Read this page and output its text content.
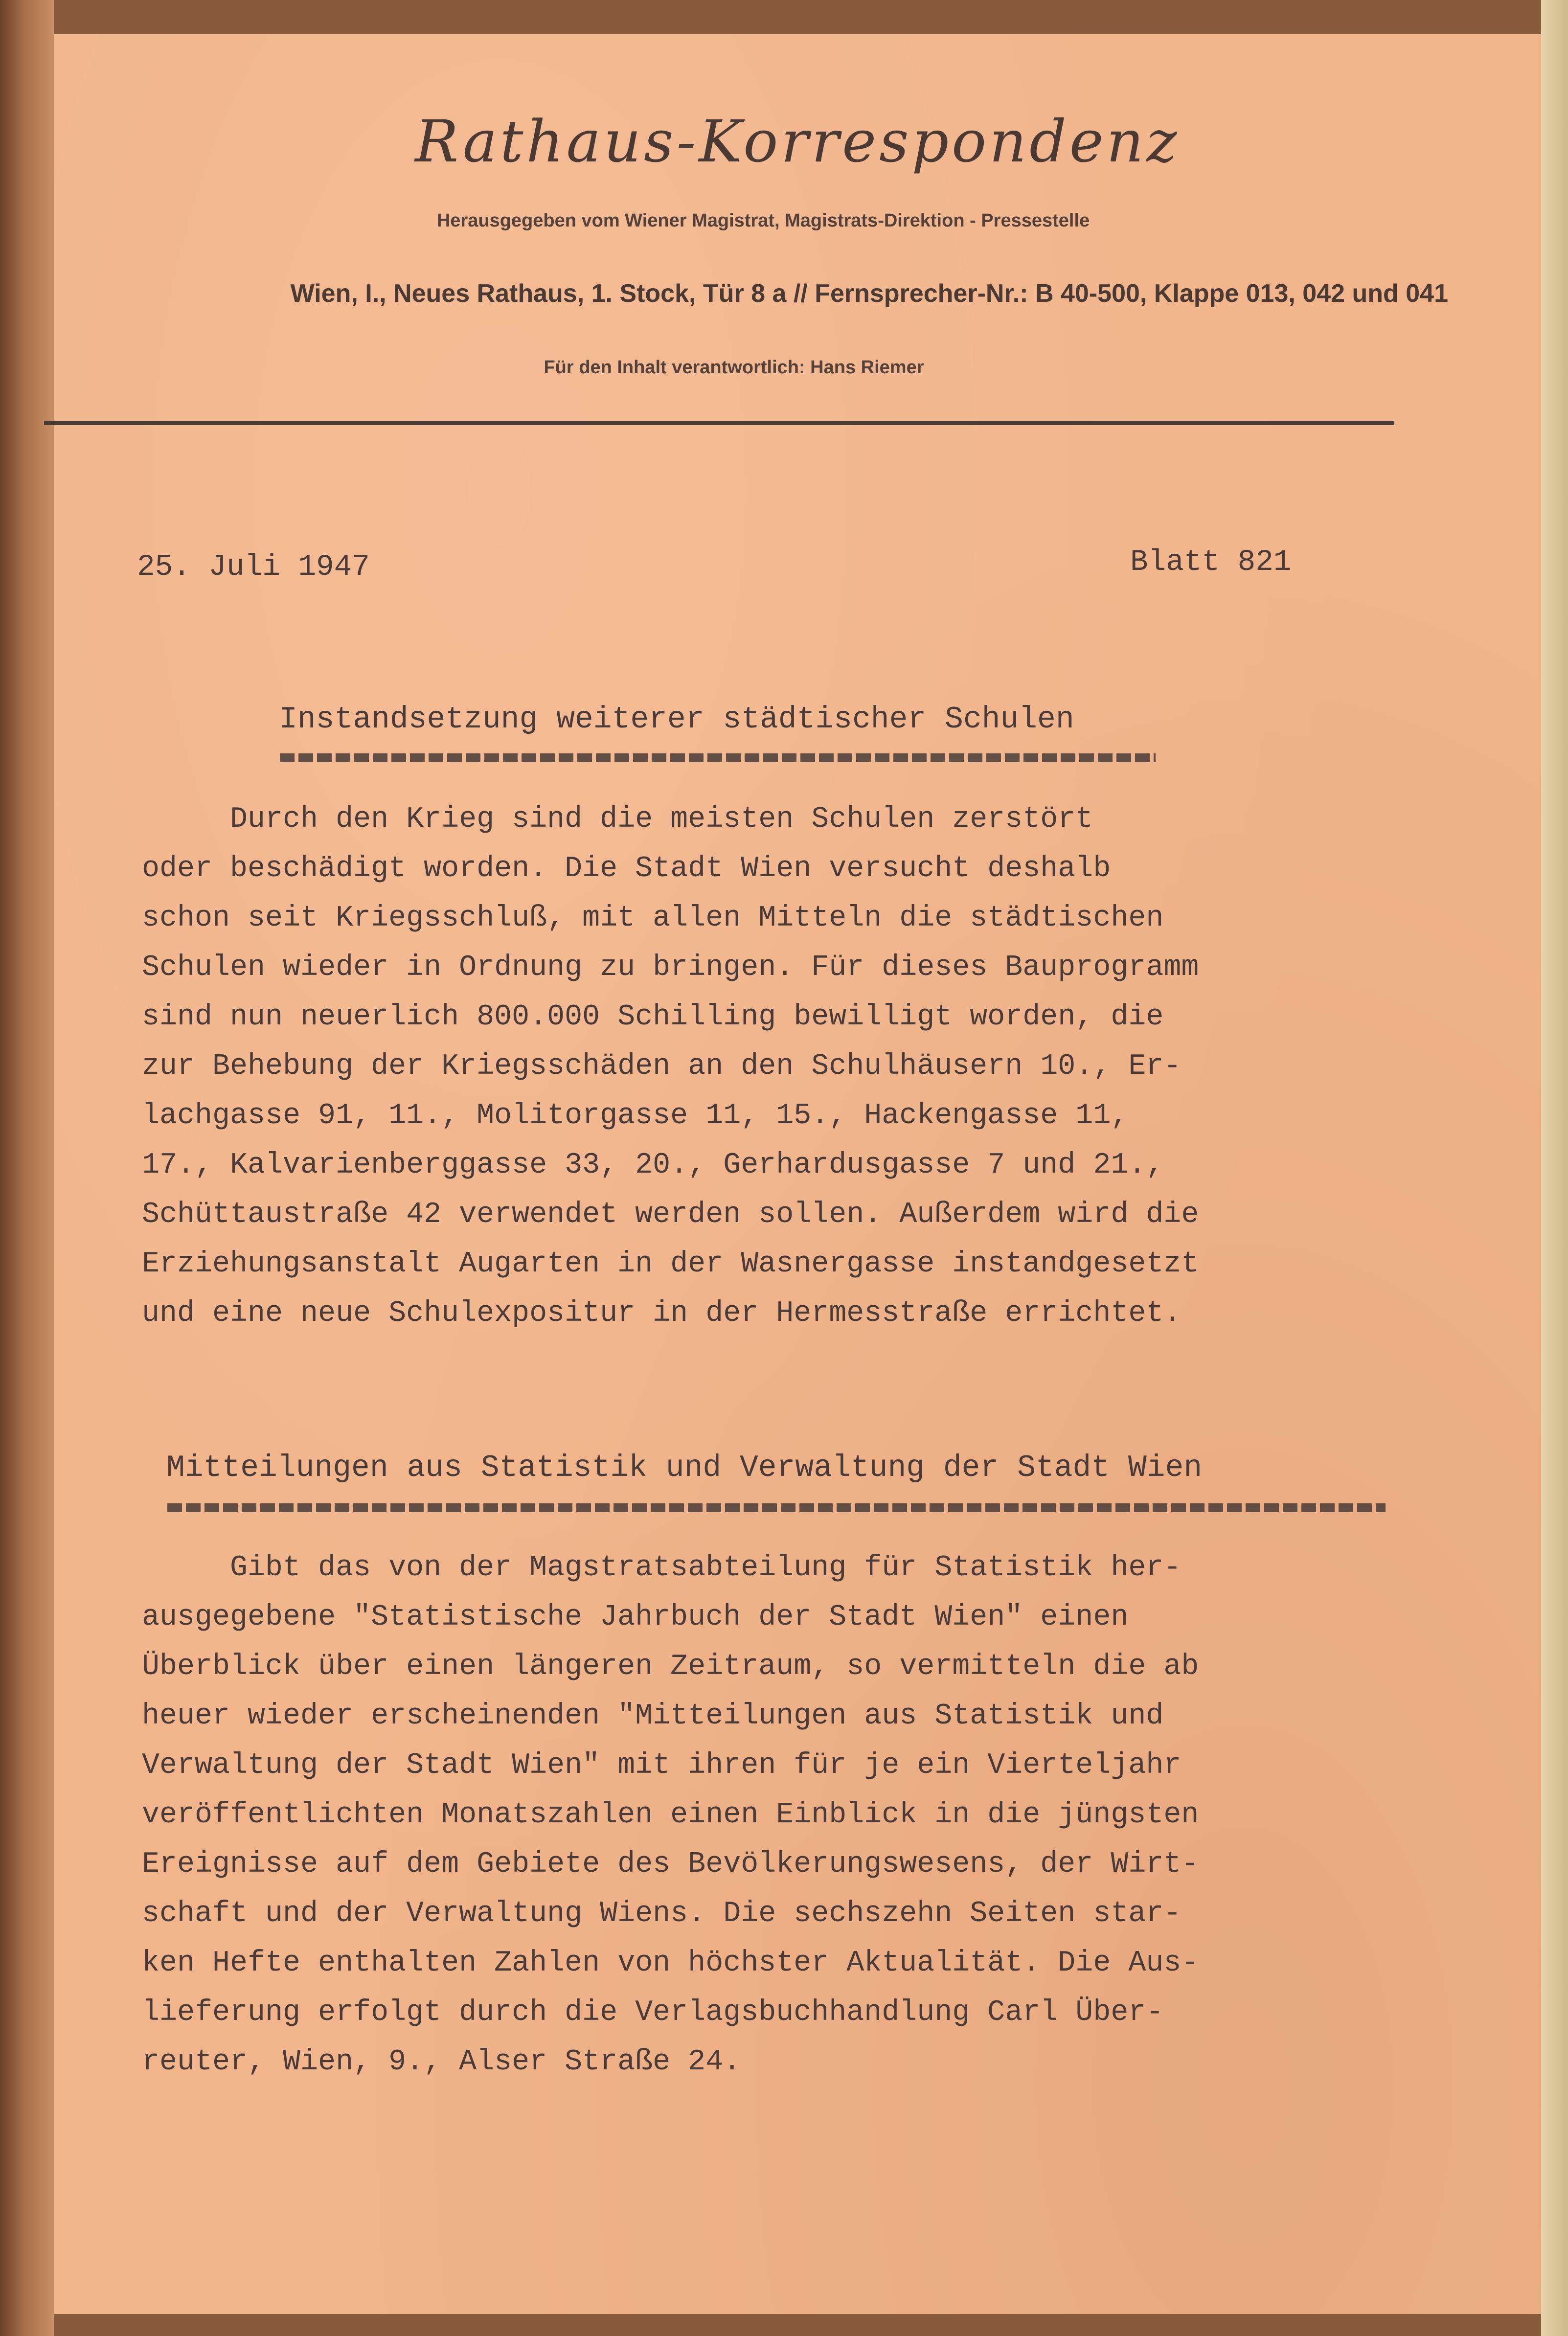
Rathaus-Korrespondenz
Herausgegeben vom Wiener Magistrat, Magistrats-Direktion - Pressestelle
Wien, I., Neues Rathaus, 1. Stock, Tür 8 a // Fernsprecher-Nr.: B 40-500, Klappe 013, 042 und 041
Für den Inhalt verantwortlich: Hans Riemer
25. Juli 1947	Blatt 821
Instandsetzung weiterer städtischer Schulen
Durch den Krieg sind die meisten Schulen zerstört
oder beschädigt worden. Die Stadt Wien versucht deshalb
schon seit Kriegsschluß, mit allen Mitteln die städtischen
Schulen wieder in Ordnung zu bringen. Für dieses Bauprogramm
sind nun neuerlich 800.000 Schilling bewilligt worden, die
zur Behebung der Kriegsschäden an den Schulhäusern 10., Er-
lachgasse 91, 11., Molitorgasse 11, 15., Hackengasse 11,
17., Kalvarienberggasse 33, 20., Gerhardusgasse 7 und 21.,
Schüttaustraße 42 verwendet werden sollen. Außerdem wird die
Erziehungsanstalt Augarten in der Wasnergasse instandgesetzt
und eine neue Schulexpositur in der Hermesstraße errichtet.
Mitteilungen aus Statistik und Verwaltung der Stadt Wien
Gibt das von der Magstratsabteilung für Statistik her-
ausgegebene "Statistische Jahrbuch der Stadt Wien" einen
Überblick über einen längeren Zeitraum, so vermitteln die ab
heuer wieder erscheinenden "Mitteilungen aus Statistik und
Verwaltung der Stadt Wien" mit ihren für je ein Vierteljahr
veröffentlichten Monatszahlen einen Einblick in die jüngsten
Ereignisse auf dem Gebiete des Bevölkerungswesens, der Wirt-
schaft und der Verwaltung Wiens. Die sechszehn Seiten star-
ken Hefte enthalten Zahlen von höchster Aktualität. Die Aus-
lieferung erfolgt durch die Verlagsbuchhandlung Carl Über-
reuter, Wien, 9., Alser Straße 24.
